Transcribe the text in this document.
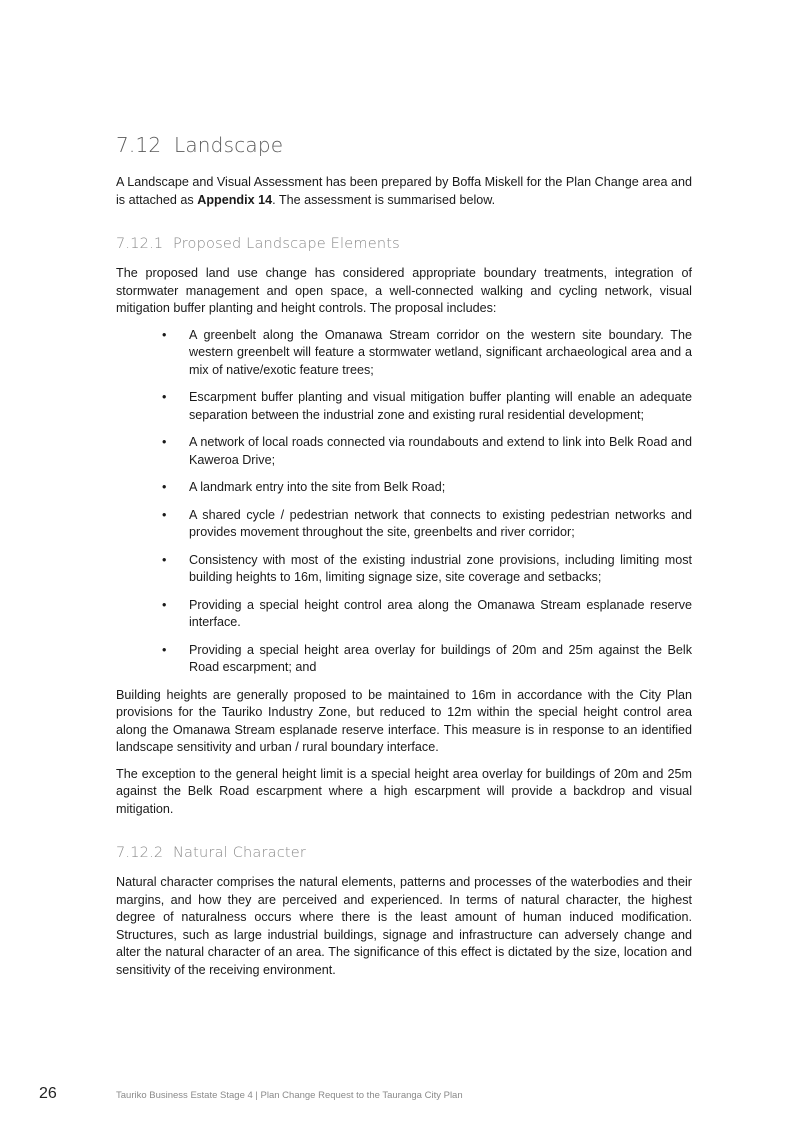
7.12 Landscape

A Landscape and Visual Assessment has been prepared by Boffa Miskell for the Plan Change area and is attached as Appendix 14. The assessment is summarised below.

7.12.1 Proposed Landscape Elements

The proposed land use change has considered appropriate boundary treatments, integration of stormwater management and open space, a well-connected walking and cycling network, visual mitigation buffer planting and height controls. The proposal includes:

• A greenbelt along the Omanawa Stream corridor on the western site boundary. The western greenbelt will feature a stormwater wetland, significant archaeological area and a mix of native/exotic feature trees;
• Escarpment buffer planting and visual mitigation buffer planting will enable an adequate separation between the industrial zone and existing rural residential development;
• A network of local roads connected via roundabouts and extend to link into Belk Road and Kaweroa Drive;
• A landmark entry into the site from Belk Road;
• A shared cycle / pedestrian network that connects to existing pedestrian networks and provides movement throughout the site, greenbelts and river corridor;
• Consistency with most of the existing industrial zone provisions, including limiting most building heights to 16m, limiting signage size, site coverage and setbacks;
• Providing a special height control area along the Omanawa Stream esplanade reserve interface.
• Providing a special height area overlay for buildings of 20m and 25m against the Belk Road escarpment; and

Building heights are generally proposed to be maintained to 16m in accordance with the City Plan provisions for the Tauriko Industry Zone, but reduced to 12m within the special height control area along the Omanawa Stream esplanade reserve interface. This measure is in response to an identified landscape sensitivity and urban / rural boundary interface.

The exception to the general height limit is a special height area overlay for buildings of 20m and 25m against the Belk Road escarpment where a high escarpment will provide a backdrop and visual mitigation.

7.12.2 Natural Character

Natural character comprises the natural elements, patterns and processes of the waterbodies and their margins, and how they are perceived and experienced. In terms of natural character, the highest degree of naturalness occurs where there is the least amount of human induced modification. Structures, such as large industrial buildings, signage and infrastructure can adversely change and alter the natural character of an area. The significance of this effect is dictated by the size, location and sensitivity of the receiving environment.

26	Tauriko Business Estate Stage 4 | Plan Change Request to the Tauranga City Plan
